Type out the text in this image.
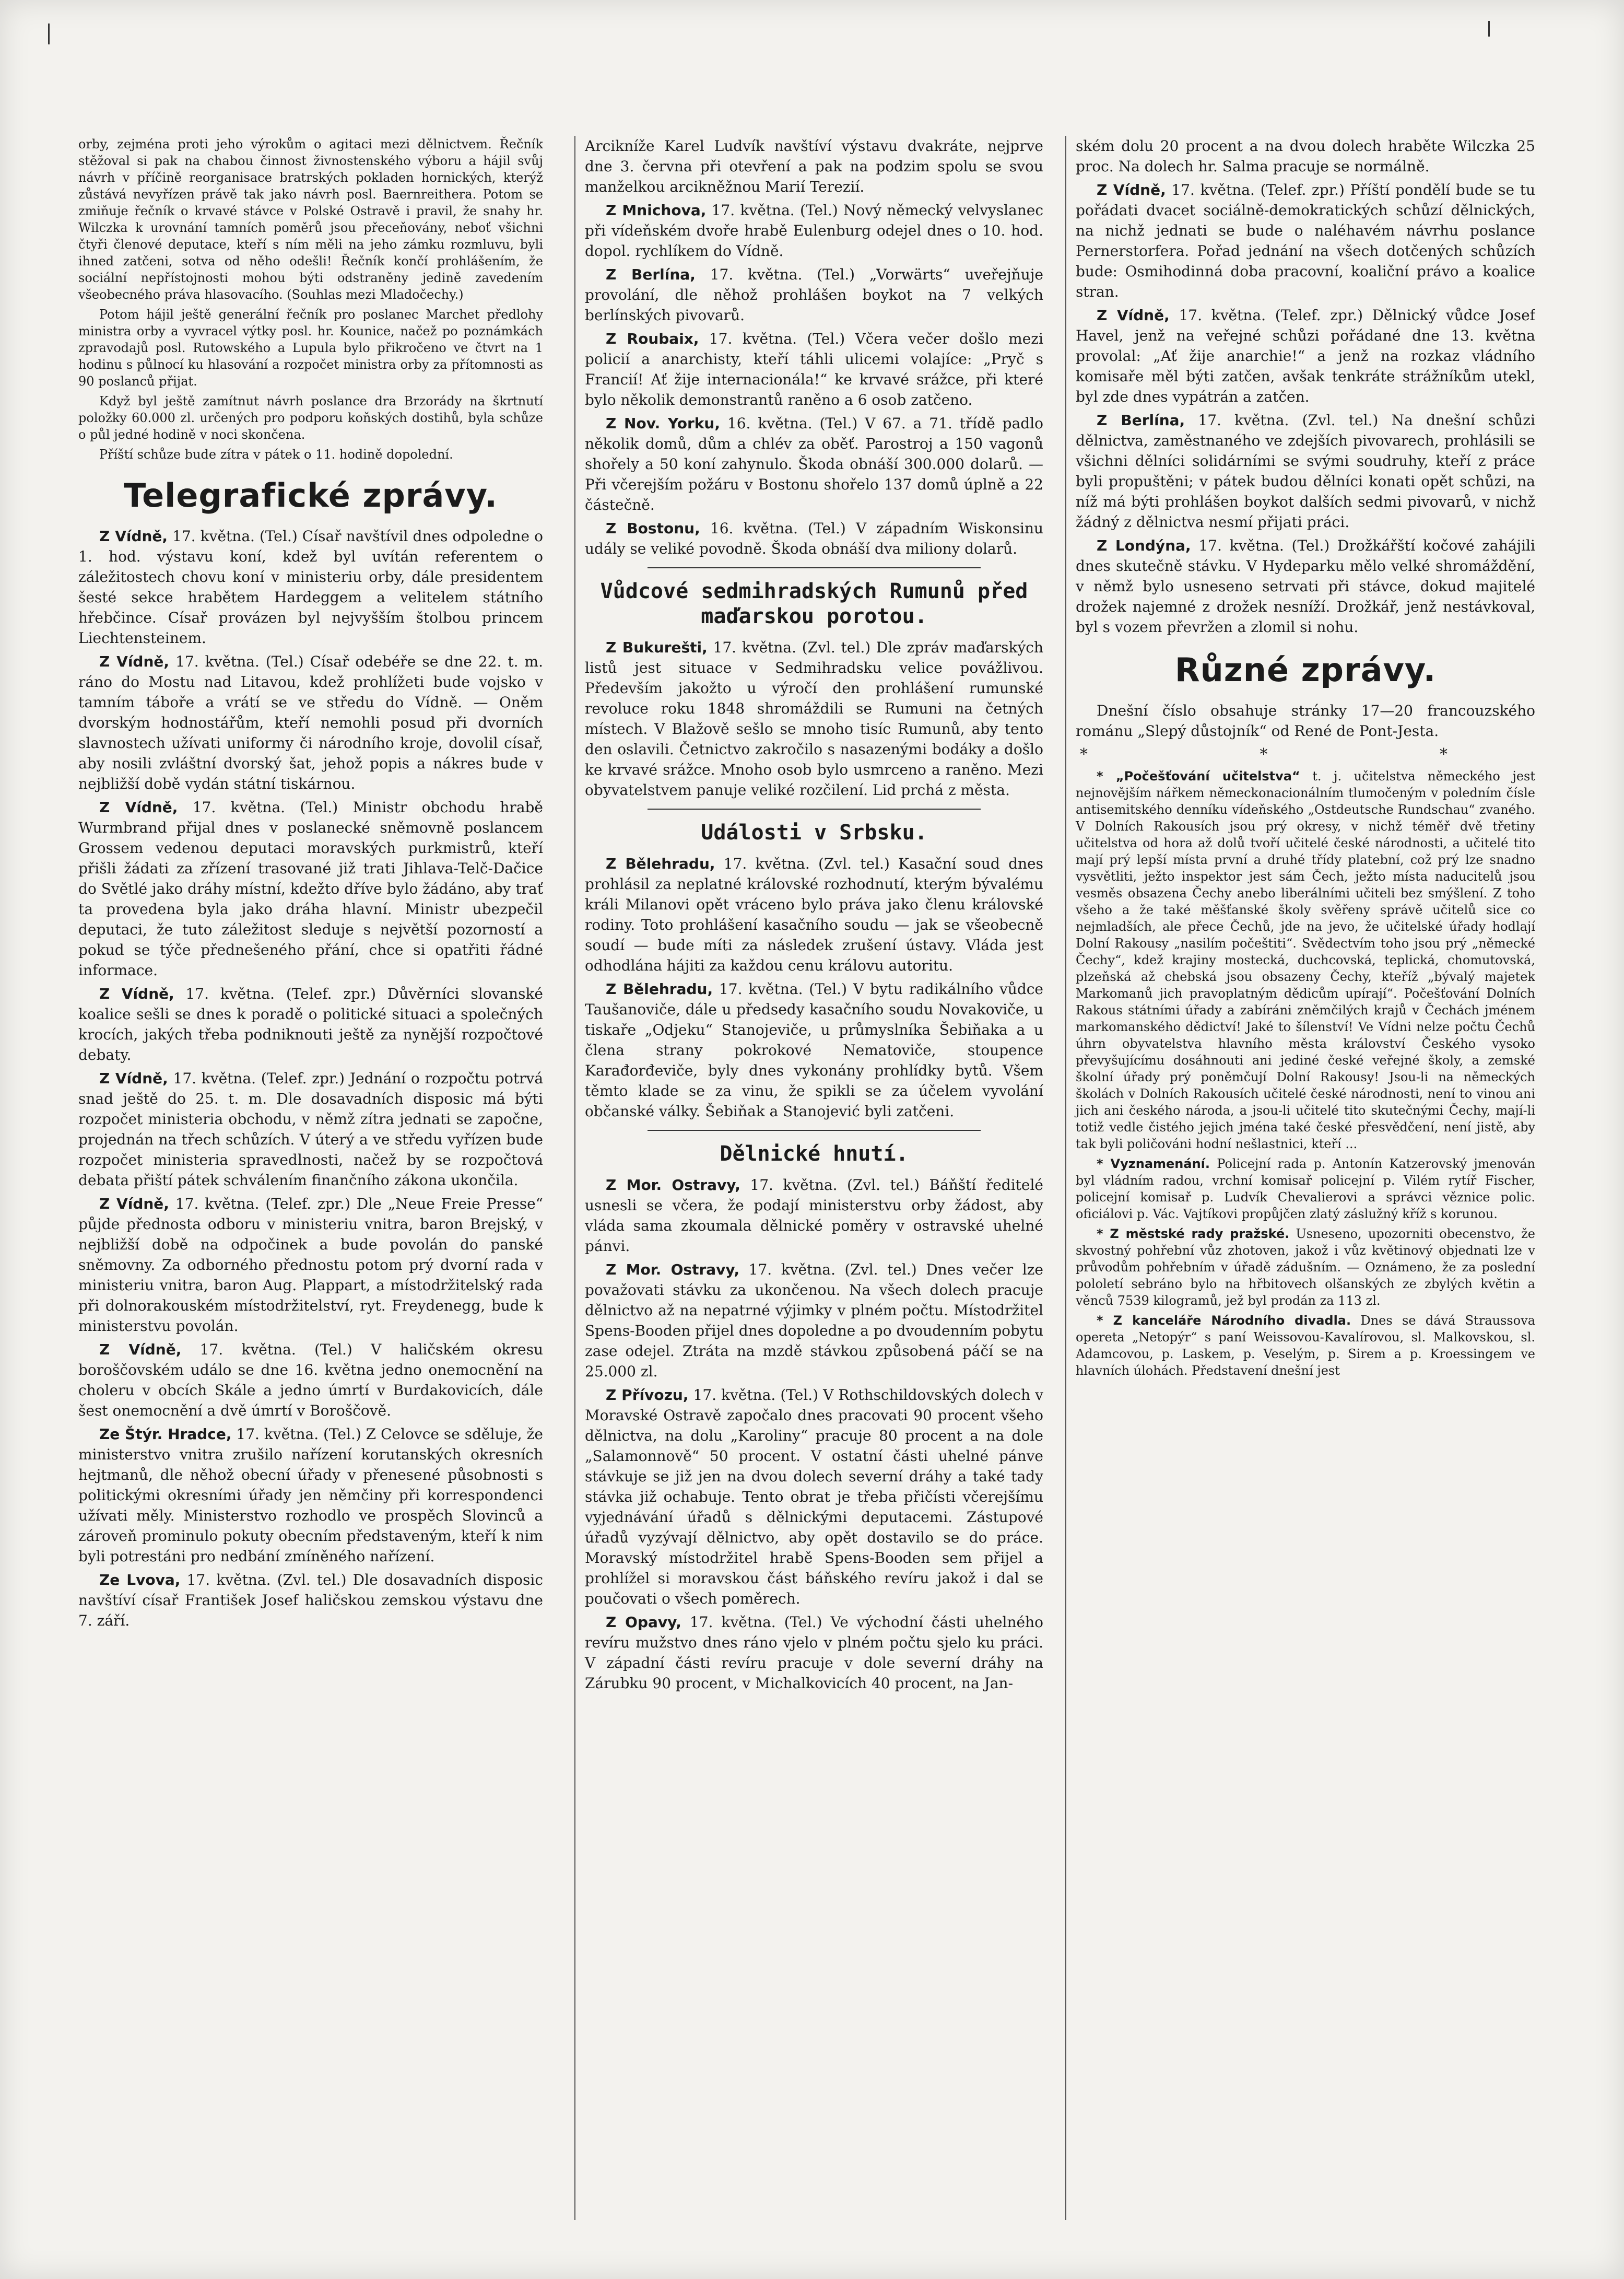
orby, zejména proti jeho výrokům o agitaci mezi dělnictvem. Řečník stěžoval si pak na chabou činnost živnostenského výboru a hájil svůj návrh v příčině reorganisace bratrských pokladen hornických, kterýž zůstává nevyřízen právě tak jako návrh posl. Baernreithera. Potom se zmiňuje řečník o krvavé stávce v Polské Ostravě i pravil, že snahy hr. Wilczka k urovnání tamních poměrů jsou přeceňovány, neboť všichni čtyři členové deputace, kteří s ním měli na jeho zámku rozmluvu, byli ihned zatčeni, sotva od něho odešli! Řečník končí prohlášením, že sociální nepřístojnosti mohou býti odstraněny jedině zavedením všeobecného práva hlasovacího. (Souhlas mezi Mladočechy.)

Potom hájil ještě generální řečník pro poslanec Marchet předlohy ministra orby a vyvracel výtky posl. hr. Kounice, načež po poznámkách zpravodajů posl. Rutowského a Lupula bylo přikročeno ve čtvrt na 1 hodinu s půlnocí ku hlasování a rozpočet ministra orby za přítomnosti as 90 poslanců přijat.

Když byl ještě zamítnut návrh poslance dra Brzorády na škrtnutí položky 60.000 zl. určených pro podporu koňských dostihů, byla schůze o půl jedné hodině v noci skončena.

Příští schůze bude zítra v pátek o 11. hodině dopolední.

Telegrafické zprávy.

Z Vídně, 17. května. (Tel.) Císař navštívil dnes odpoledne o 1. hod. výstavu koní, kdež byl uvítán referentem o záležitostech chovu koní v ministeriu orby, dále presidentem šesté sekce hrabětem Hardeggem a velitelem státního hřebčince. Císař provázen byl nejvyšším štolbou princem Liechtensteinem.

Z Vídně, 17. května. (Tel.) Císař odebéře se dne 22. t. m. ráno do Mostu nad Litavou, kdež prohlížeti bude vojsko v tamním táboře a vrátí se ve středu do Vídně. — Oněm dvorským hodnostářům, kteří nemohli posud při dvorních slavnostech užívati uniformy či národního kroje, dovolil císař, aby nosili zvláštní dvorský šat, jehož popis a nákres bude v nejbližší době vydán státní tiskárnou.

Z Vídně, 17. května. (Tel.) Ministr obchodu hrabě Wurmbrand přijal dnes v poslanecké sněmovně poslancem Grossem vedenou deputaci moravských purkmistrů, kteří přišli žádati za zřízení trasované již trati Jihlava-Telč-Dačice do Světlé jako dráhy místní, kdežto dříve bylo žádáno, aby trať ta provedena byla jako dráha hlavní. Ministr ubezpečil deputaci, že tuto záležitost sleduje s největší pozorností a pokud se týče přednešeného přání, chce si opatřiti řádné informace.

Z Vídně, 17. května. (Telef. zpr.) Důvěrníci slovanské koalice sešli se dnes k poradě o politické situaci a společných krocích, jakých třeba podniknouti ještě za nynější rozpočtové debaty.

Z Vídně, 17. května. (Telef. zpr.) Jednání o rozpočtu potrvá snad ještě do 25. t. m. Dle dosavadních disposic má býti rozpočet ministeria obchodu, v němž zítra jednati se započne, projednán na třech schůzích. V úterý a ve středu vyřízen bude rozpočet ministeria spravedlnosti, načež by se rozpočtová debata přiští pátek schválením finančního zákona ukončila.

Z Vídně, 17. května. (Telef. zpr.) Dle „Neue Freie Presse“ půjde přednosta odboru v ministeriu vnitra, baron Brejský, v nejbližší době na odpočinek a bude povolán do panské sněmovny. Za odborného přednostu potom prý dvorní rada v ministeriu vnitra, baron Aug. Plappart, a místodržitelský rada při dolnorakouském místodržitelství, ryt. Freydenegg, bude k ministerstvu povolán.

Z Vídně, 17. května. (Tel.) V haličském okresu boroščovském událo se dne 16. května jedno onemocnění na choleru v obcích Skále a jedno úmrtí v Burdakovicích, dále šest onemocnění a dvě úmrtí v Boroščově.

Ze Štýr. Hradce, 17. května. (Tel.) Z Celovce se sděluje, že ministerstvo vnitra zrušilo nařízení korutanských okresních hejtmanů, dle něhož obecní úřady v přenesené působnosti s politickými okresními úřady jen němčiny při korrespondenci užívati měly. Ministerstvo rozhodlo ve prospěch Slovinců a zároveň prominulo pokuty obecním představeným, kteří k nim byli potrestáni pro nedbání zmíněného nařízení.

Ze Lvova, 17. května. (Zvl. tel.) Dle dosavadních disposic navštíví císař František Josef haličskou zemskou výstavu dne 7. září.

Arcikníže Karel Ludvík navštíví výstavu dvakráte, nejprve dne 3. června při otevření a pak na podzim spolu se svou manželkou arcikněžnou Marií Terezií.

Z Mnichova, 17. května. (Tel.) Nový německý velvyslanec při vídeňském dvoře hrabě Eulenburg odejel dnes o 10. hod. dopol. rychlíkem do Vídně.

Z Berlína, 17. května. (Tel.) „Vorwärts“ uveřejňuje provolání, dle něhož prohlášen boykot na 7 velkých berlínských pivovarů.

Z Roubaix, 17. května. (Tel.) Včera večer došlo mezi policií a anarchisty, kteří táhli ulicemi volajíce: „Pryč s Francií! Ať žije internacionála!“ ke krvavé srážce, při které bylo několik demonstrantů raněno a 6 osob zatčeno.

Z Nov. Yorku, 16. května. (Tel.) V 67. a 71. třídě padlo několik domů, dům a chlév za oběť. Parostroj a 150 vagonů shořely a 50 koní zahynulo. Škoda obnáší 300.000 dolarů. — Při včerejším požáru v Bostonu shořelo 137 domů úplně a 22 částečně.

Z Bostonu, 16. května. (Tel.) V západním Wiskonsinu udály se veliké povodně. Škoda obnáší dva miliony dolarů.

Vůdcové sedmihradských Rumunů před maďarskou porotou.

Z Bukurešti, 17. května. (Zvl. tel.) Dle zpráv maďarských listů jest situace v Sedmihradsku velice povážlivou. Především jakožto u výročí den prohlášení rumunské revoluce roku 1848 shromáždili se Rumuni na četných místech. V Blažově sešlo se mnoho tisíc Rumunů, aby tento den oslavili. Četnictvo zakročilo s nasazenými bodáky a došlo ke krvavé srážce. Mnoho osob bylo usmrceno a raněno. Mezi obyvatelstvem panuje veliké rozčilení. Lid prchá z města.

Události v Srbsku.

Z Bělehradu, 17. května. (Zvl. tel.) Kasační soud dnes prohlásil za neplatné královské rozhodnutí, kterým bývalému králi Milanovi opět vráceno bylo práva jako členu královské rodiny. Toto prohlášení kasačního soudu — jak se všeobecně soudí — bude míti za následek zrušení ústavy. Vláda jest odhodlána hájiti za každou cenu královu autoritu.

Z Bělehradu, 17. května. (Tel.) V bytu radikálního vůdce Taušanoviče, dále u předsedy kasačního soudu Novakoviče, u tiskaře „Odjeku“ Stanojeviče, u průmyslníka Šebiňaka a u člena strany pokrokové Nematoviče, stoupence Karađorđeviče, byly dnes vykonány prohlídky bytů. Všem těmto klade se za vinu, že spikli se za účelem vyvolání občanské války. Šebiňak a Stanojević byli zatčeni.

Dělnické hnutí.

Z Mor. Ostravy, 17. května. (Zvl. tel.) Báňští ředitelé usnesli se včera, že podají ministerstvu orby žádost, aby vláda sama zkoumala dělnické poměry v ostravské uhelné pánvi.

Z Mor. Ostravy, 17. května. (Zvl. tel.) Dnes večer lze považovati stávku za ukončenou. Na všech dolech pracuje dělnictvo až na nepatrné výjimky v plném počtu. Místodržitel Spens-Booden přijel dnes dopoledne a po dvoudenním pobytu zase odejel. Ztráta na mzdě stávkou způsobená páčí se na 25.000 zl.

Z Přívozu, 17. května. (Tel.) V Rothschildovských dolech v Moravské Ostravě započalo dnes pracovati 90 procent všeho dělnictva, na dolu „Karoliny“ pracuje 80 procent a na dole „Salamonnově“ 50 procent. V ostatní části uhelné pánve stávkuje se již jen na dvou dolech severní dráhy a také tady stávka již ochabuje. Tento obrat je třeba přičísti včerejšímu vyjednávání úřadů s dělnickými deputacemi. Zástupové úřadů vyzývají dělnictvo, aby opět dostavilo se do práce. Moravský místodržitel hrabě Spens-Booden sem přijel a prohlížel si moravskou část báňského revíru jakož i dal se poučovati o všech poměrech.

Z Opavy, 17. května. (Tel.) Ve východní části uhelného revíru mužstvo dnes ráno vjelo v plném počtu sjelo ku práci. V západní části revíru pracuje v dole severní dráhy na Zárubku 90 procent, v Michalkovicích 40 procent, na Jan-

ském dolu 20 procent a na dvou dolech hraběte Wilczka 25 proc. Na dolech hr. Salma pracuje se normálně.

Z Vídně, 17. května. (Telef. zpr.) Příští pondělí bude se tu pořádati dvacet sociálně-demokratických schůzí dělnických, na nichž jednati se bude o naléhavém návrhu poslance Pernerstorfera. Pořad jednání na všech dotčených schůzích bude: Osmihodinná doba pracovní, koaliční právo a koalice stran.

Z Vídně, 17. května. (Telef. zpr.) Dělnický vůdce Josef Havel, jenž na veřejné schůzi pořádané dne 13. května provolal: „Ať žije anarchie!“ a jenž na rozkaz vládního komisaře měl býti zatčen, avšak tenkráte strážníkům utekl, byl zde dnes vypátrán a zatčen.

Z Berlína, 17. května. (Zvl. tel.) Na dnešní schůzi dělnictva, zaměstnaného ve zdejších pivovarech, prohlásili se všichni dělníci solidárními se svými soudruhy, kteří z práce byli propuštěni; v pátek budou dělníci konati opět schůzi, na níž má býti prohlášen boykot dalších sedmi pivovarů, v nichž žádný z dělnictva nesmí přijati práci.

Z Londýna, 17. května. (Tel.) Drožkářští kočové zahájili dnes skutečně stávku. V Hydeparku mělo velké shromáždění, v němž bylo usneseno setrvati při stávce, dokud majitelé drožek najemné z drožek nesníží. Drožkář, jenž nestávkoval, byl s vozem převržen a zlomil si nohu.

Různé zprávy.

Dnešní číslo obsahuje stránky 17—20 francouzského románu „Slepý důstojník“ od René de Pont-Jesta.

* * *

* „Počešťování učitelstva“ t. j. učitelstva německého jest nejnovějším nářkem německonacionálním tlumočeným v poledním čísle antisemitského denníku vídeňského „Ostdeutsche Rundschau“ zvaného. V Dolních Rakousích jsou prý okresy, v nichž téměř dvě třetiny učitelstva od hora až dolů tvoří učitelé české národnosti, a učitelé tito mají prý lepší místa první a druhé třídy platební, což prý lze snadno vysvětliti, ježto inspektor jest sám Čech, ježto místa naducitelů jsou vesměs obsazena Čechy anebo liberálními učiteli bez smýšlení. Z toho všeho a že také měšťanské školy svěřeny správě učitelů sice co nejmladších, ale přece Čechů, jde na jevo, že učitelské úřady hodlají Dolní Rakousy „nasilím počeštiti“. Svědectvím toho jsou prý „německé Čechy“, kdež krajiny mostecká, duchcovská, teplická, chomutovská, plzeňská až chebská jsou obsazeny Čechy, kteříž „bývalý majetek Markomanů jich pravoplatným dědicům upírají“. Počešťování Dolních Rakous státními úřady a zabíráni zněmčilých krajů v Čechách jménem markomanského dědictví! Jaké to šílenství! Ve Vídni nelze počtu Čechů úhrn obyvatelstva hlavního města království Českého vysoko převyšujícímu dosáhnouti ani jediné české veřejné školy, a zemské školní úřady prý poněmčují Dolní Rakousy! Jsou-li na německých školách v Dolních Rakousích učitelé české národnosti, není to vinou ani jich ani českého národa, a jsou-li učitelé tito skutečnými Čechy, mají-li totiž vedle čistého jejich jména také české přesvědčení, není jistě, aby tak byli poličováni hodní nešlastnici, kteří ...

* Vyznamenání. Policejní rada p. Antonín Katzerovský jmenován byl vládním radou, vrchní komisař policejní p. Vilém rytíř Fischer, policejní komisař p. Ludvík Chevalierovi a správci věznice polic. oficiálovi p. Vác. Vajtíkovi propůjčen zlatý záslužný kříž s korunou.

* Z městské rady pražské. Usneseno, upozorniti obecenstvo, že skvostný pohřební vůz zhotoven, jakož i vůz květinový objednati lze v průvodům pohřebním v úřadě zádušním. — Oznámeno, že za poslední pololetí sebráno bylo na hřbitovech olšanských ze zbylých květin a věnců 7539 kilogramů, jež byl prodán za 113 zl.

* Z kanceláře Národního divadla. Dnes se dává Straussova opereta „Netopýr“ s paní Weissovou-Kavalírovou, sl. Malkovskou, sl. Adamcovou, p. Laskem, p. Veselým, p. Sirem a p. Kroessingem ve hlavních úlohách. Představení dnešní jest
